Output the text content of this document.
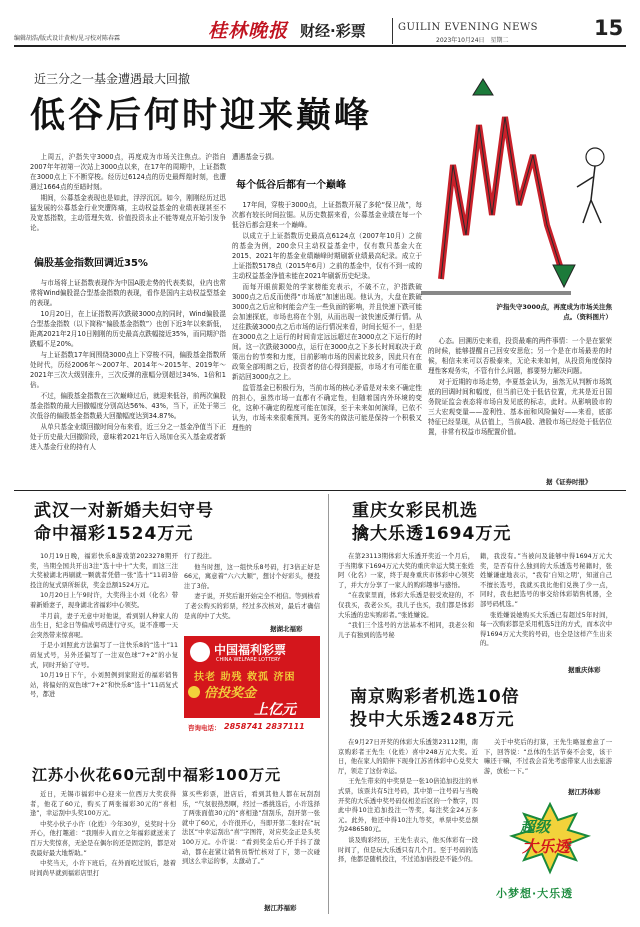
编辑胡浩/版式设计黄桢/见习校对陈春霖	桂林晚报 财经·彩票	GUILIN EVENING NEWS	15
2023年10月24日　星期二
近三分之一基金遭遇最大回撤
低谷后何时迎来巅峰
沪指失守3000点，再度成为市场关注焦点。（资料图片）

上周五，沪指失守3000点，再度成为市场关注焦点。沪指自2007年年初第一次站上3000点以来，在17年的周期中，上证指数在3000点上下不断穿梭。经历过6124点的历史最辉煌时刻，也遭遇过1664点的至暗时刻。

期间，公募基金表现也是如此，浮浮沉沉。如今，刚刚经历过迅猛发展的公募基金行业突遭阵痛，主动权益基金的业绩表现甚至不及宽基指数，主动管理失效、价值投资永止不能等观点开始引发争论。

偏股基金指数回调近35%

与市场将上证指数表现作为中国A股走势的代表类似，业内也常常将Wind偏股混合型基金指数的表现，看作是国内主动权益型基金的表现。

10月20日，在上证指数再次跌破3000点的同时，Wind偏股混合型基金指数（以下简称“偏股基金指数”）也创下近3年以来新低，距离2021年2月10日刚刚的历史最高点跌幅接近35%，而同期沪指跌幅不足20%。

与上证指数17年间围绕3000点上下穿梭不同，偏股基金指数所处时代，历经2006年～2007年、2014年～2015年、2019年～2021年三次大级别涨升，三次反弹的涨幅分别超过34%、1倍和1倍。

不过，偏股基金指数在三次巅峰过后，就迎来低谷，前两次偏股基金指数的最大回撤幅度分别高达56%、43%，当下，正处于第三次低谷的偏股基金指数最大回撤幅度达到34.87%。

从单只基金业绩回撤时间分布来看，近三分之一基金净值当下正处于历史最大回撤阶段，意味着2021年后入场加仓买入基金或者新进入基金行业的持有人

遭遇基金亏损。

每个低谷后都有一个巅峰

17年间，穿梭于3000点，上证指数开展了多轮“保卫战”，每次都有较长时间拉锯。从历史数据来看，公募基金业绩在每一个低谷后都会迎来一个巅峰。

以成立于上证指数历史最高点6124点（2007年10月）之前的基金为例，200余只主动权益基金中，仅有数只基金大在2015、2021年的基金业绩巅峰时期刷新业绩最高纪录。成立于上证指数5178点（2015年6月）之前的基金中，仅有不到一成的主动权益基金净值未能在2021年刷新历史纪录。

而每开眼前跟处的学家榜能充表示，不破不立，沪指跌破3000点之后反而使得“市场底”加速出现。他认为，大盘在跌破3000点之后应和何能会产生一些负面的影响，并且快速下跌可能会加速探底，市场也将在个别，从而出现一波快速反弹行情。从过往跌破3000点之后市场的运行情况来看，时间长短不一，但是在3000点之上运行的时间肯定远远超过在3000点之下运行的时间。这一次跌破3000点，运行在3000点之下多长时间取决于政策出台的节奏和力度，目前影响市场的因素比较多，因此只有在政策全部明朗之后，投资者的信心得到提振，市场才有可能在重新站回3000点之上。

监管基金已积极行为，当前市场的核心矛盾是对未来不确定性的担心，虽然市场一直都有不确定性，但随着国内外环境的变化，这种不确定的程度可能在加深，至于未来如何演绎，已依不认为，市场未来很难预判。更务实的做法可能是保持一个积极又理性的

心态。回溯历史来看，投资最难的两件事情：一个是在繁荣的时候，能够提醒自己回安安思危；另一个是在市场最差的时候，相信未来可以否极泰来，无论未来如何，从投资角度保持理性客观务实，不管有什么问题，都要努力解决问题。

对于近期的市场走势，李夏基金认为，虽然无从判断市场筑底的回调时间和幅度，但当前已处于低估位置，尤其是近日国务院证监会表态将市场自发见底的标志，此时。从影响股市的三大宏观变量——盈利性、基本面和风险偏好——来看，底部特征已经显现，从估值上，当前A股、港股市场已经处于低估位置，非常有权益市场配置价值。

据《证券时报》
武汉一对新婚夫妇守号
命中福彩1524万元

10月19日晚，福彩快乐8游戏第2023278期开奖，当期全国共开出3注“选十中十”大奖，而这三注大奖被湖北再刷就一颗就者凭借一张“选十”11码3倍投注的复式票所斩获，奖金总额1524万元。

10月20日上午9时许，大奖得主小刘（化名）带着新婚妻子，现身湖北省福彩中心领奖。

半月前，妻子无意中对他说，看到别人种家人的出生日，纪念日等偏成号码进行守买，说不准哪一天会突然带来惊喜呢。

于是小刘照此方法偏写了一注快乐8的“选十”11码复式号，另外还偏写了一注双色球“7+2”的小复式，同时开始了守号。

10月19日下午，小刘照例到家附近的福彩销售站，将偏好的双色球“7+2”和快乐8“选十”11码复式号，都进

行了投注。

他当时想，这一组快乐8号码，打3倍正好是66元，寓意着“六六大顺”，想讨个好彩头，便投注了3倍。

妻子说，开奖后谢开始完全不相信。等到核看了老公购买的彩票，经过多次核对，最后才确信是真的中了大奖。

据湖北福彩
中国福利彩票
CHINA WELFARE LOTTERY
扶老 助残 救孤 济困
倍投奖金
上亿元
咨询电话： 2858741 2837111
江苏小伙花60元刮中福彩100万元

近日，无锡市福彩中心迎来一位西万大奖获得者，他花了60元，购买了两张福彩30元的“喜相逢”，幸运刮中头奖100万元。

中奖小伙子小许（化姓）今年30岁，兑奖时十分开心，他打趣道：“我刚步入而立之年福彩就送来了百万大奖惊喜，无论是在偶尔的还是固定的，都是对我最好最大地帮助。”

中奖当天，小许下班后，在外面吃过饭后，趁着时间尚早就到福彩店里打

算买些彩票，进店后，看到其他人都在玩刮刮乐，“气氛很热烈啊，经过一番挑选后，小许选择了两张面值30元的“喜相逢”刮刮乐，刮开第一张就中了60元，小许很开心，当即开第二张时在“玩法区”中幸运刮出“喜”字图符，对应奖金正是头奖100万元。小许说：“看到奖金后心开手抖了激动，都在赶紧让销售员帮忙核对了下，第一次碰到这么幸运的事，太激动了。”

据江苏福彩
重庆女彩民机选
擒大乐透1694万元

在第23113期体彩大乐透开奖近一个月后，于当期拿下1694万元大奖的重庆幸运大獎王张姓阿（化名）一家，终于现身重庆市体彩中心领奖了，并大方分享了一家人的购彩趣事与感悟。

“在我家里面，体彩大乐透是很受欢迎的，不仅我买，我老公买，我儿子也买，我们都是体彩大乐透的忠实购彩者。”张姓嫌说。

“我们三个选号的方法基本不相同，我老公和儿子有独到的选号秘

籍，我没有。”当被问及能够中得1694万元大奖，是否有什么独到的大乐透选号秘籍时，张姓嫌谦虚地表示，“我有‘自知之明’，知道自己不擅长选号，我就买我比他们兑换了少一点，同时，我也把选号的事交给体彩销售机器，全部号码机选。”

张姓嫌说她购买大乐透已有超过5年时间，每一次购彩都是采用机选5注的方式，而本次中得1694万元大奖的号码，也全是这样产生出来的。

据重庆体彩
南京购彩者机选10倍
投中大乐透248万元

在9月27日开奖的体彩大乐透第23112期，南京购彩者王先生（化姓）喜中248万元大奖。近日，他在家人的陪伴下现身江苏省体彩中心兑奖大厅，领走了这份幸运。

王先生带来的中奖票是一张10倍追加投注的单式票，该票共有5注号码，其中第一注号码与当晚开奖的大乐透中奖号码仅相差后区的一个数字，因此中得10注追加投注一等奖，每注奖金24万多元。此外，他还中得10注九等奖，单票中奖总额为2486580元。

谈及购彩经历，王先生表示，他买体彩有一段时间了，但是玩大乐透只有几个月。至于号码的选择，他都是随机投注，不过追加倍投是不能少的。

关于中奖后的打算，王先生略显愈意了一下，回答说：“总体的生活节奏不会变，该干嘛还干嘛，不过我会首先考虑带家人出去旅游游，放松一下。”

据江苏体彩
超级
大乐透
小梦想·大乐透
